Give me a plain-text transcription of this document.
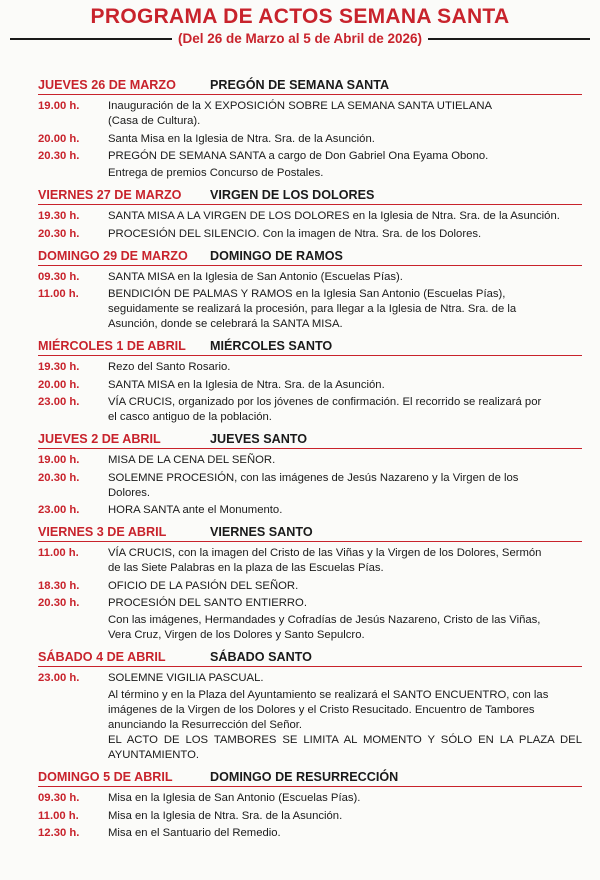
PROGRAMA DE ACTOS SEMANA SANTA
(Del 26 de Marzo al 5 de Abril de 2026)
JUEVES 26 DE MARZO	PREGÓN DE SEMANA SANTA
19.00 h.	Inauguración de la X EXPOSICIÓN SOBRE LA SEMANA SANTA UTIELANA
(Casa de Cultura).
20.00 h.	Santa Misa en la Iglesia de Ntra. Sra. de la Asunción.
20.30 h.	PREGÓN DE SEMANA SANTA a cargo de Don Gabriel Ona Eyama Obono.
Entrega de premios Concurso de Postales.
VIERNES 27 DE MARZO	VIRGEN DE LOS DOLORES
19.30 h.	SANTA MISA A LA VIRGEN DE LOS DOLORES en la Iglesia de Ntra. Sra. de la Asunción.
20.30 h.	PROCESIÓN DEL SILENCIO. Con la imagen de Ntra. Sra. de los Dolores.
DOMINGO 29 DE MARZO	DOMINGO DE RAMOS
09.30 h.	SANTA MISA en la Iglesia de San Antonio (Escuelas Pías).
11.00 h.	BENDICIÓN DE PALMAS Y RAMOS en la Iglesia San Antonio (Escuelas Pías),
seguidamente se realizará la procesión, para llegar a la Iglesia de Ntra. Sra. de la
Asunción, donde se celebrará la SANTA MISA.
MIÉRCOLES 1 DE ABRIL	MIÉRCOLES SANTO
19.30 h.	Rezo del Santo Rosario.
20.00 h.	SANTA MISA en la Iglesia de Ntra. Sra. de la Asunción.
23.00 h.	VÍA CRUCIS, organizado por los jóvenes de confirmación. El recorrido se realizará por
el casco antiguo de la población.
JUEVES 2 DE ABRIL	JUEVES SANTO
19.00 h.	MISA DE LA CENA DEL SEÑOR.
20.30 h.	SOLEMNE PROCESIÓN, con las imágenes de Jesús Nazareno y la Virgen de los
Dolores.
23.00 h.	HORA SANTA ante el Monumento.
VIERNES 3 DE ABRIL	VIERNES SANTO
11.00 h.	VÍA CRUCIS, con la imagen del Cristo de las Viñas y la Virgen de los Dolores, Sermón
de las Siete Palabras en la plaza de las Escuelas Pías.
18.30 h.	OFICIO DE LA PASIÓN DEL SEÑOR.
20.30 h.	PROCESIÓN DEL SANTO ENTIERRO.
Con las imágenes, Hermandades y Cofradías de Jesús Nazareno, Cristo de las Viñas,
Vera Cruz, Virgen de los Dolores y Santo Sepulcro.
SÁBADO 4 DE ABRIL	SÁBADO SANTO
23.00 h.	SOLEMNE VIGILIA PASCUAL.
Al término y en la Plaza del Ayuntamiento se realizará el SANTO ENCUENTRO, con las
imágenes de la Virgen de los Dolores y el Cristo Resucitado. Encuentro de Tambores
anunciando la Resurrección del Señor.
EL ACTO DE LOS TAMBORES SE LIMITA AL MOMENTO Y SÓLO EN LA PLAZA DEL AYUNTAMIENTO.
DOMINGO 5 DE ABRIL	DOMINGO DE RESURRECCIÓN
09.30 h.	Misa en la Iglesia de San Antonio (Escuelas Pías).
11.00 h.	Misa en la Iglesia de Ntra. Sra. de la Asunción.
12.30 h.	Misa en el Santuario del Remedio.
